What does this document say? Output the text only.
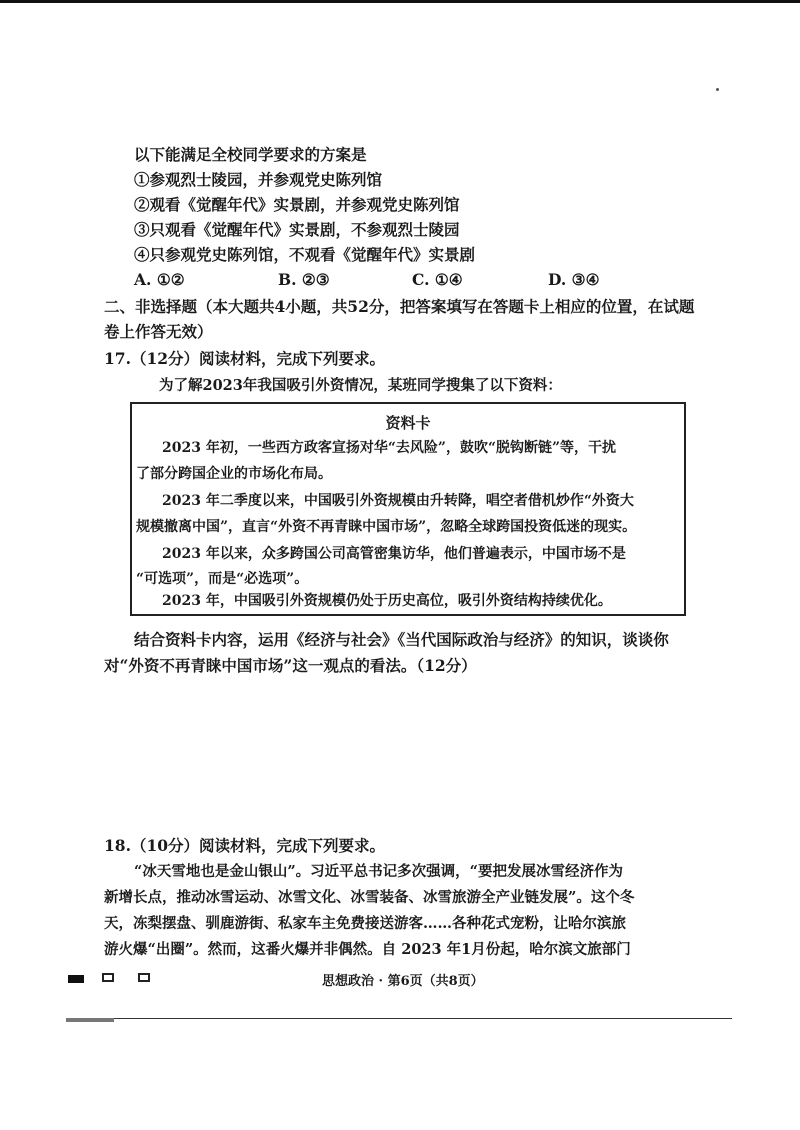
以下能满足全校同学要求的方案是
①参观烈士陵园，并参观党史陈列馆
②观看《觉醒年代》实景剧，并参观党史陈列馆
③只观看《觉醒年代》实景剧，不参观烈士陵园
④只参观党史陈列馆，不观看《觉醒年代》实景剧
A. ①②	B. ②③	C. ①④	D. ③④
二、非选择题（本大题共4小题，共52分，把答案填写在答题卡上相应的位置，在试题
卷上作答无效）
17.（12分）阅读材料，完成下列要求。
为了解2023年我国吸引外资情况，某班同学搜集了以下资料：
资料卡

2023 年初，一些西方政客宣扬对华“去风险”，鼓吹“脱钩断链”等，干扰

了部分跨国企业的市场化布局。

2023 年二季度以来，中国吸引外资规模由升转降，唱空者借机炒作“外资大

规模撤离中国”，直言“外资不再青睐中国市场”，忽略全球跨国投资低迷的现实。

2023 年以来，众多跨国公司高管密集访华，他们普遍表示，中国市场不是

“可选项”，而是“必选项”。

2023 年，中国吸引外资规模仍处于历史高位，吸引外资结构持续优化。

结合资料卡内容，运用《经济与社会》《当代国际政治与经济》的知识，谈谈你
对“外资不再青睐中国市场”这一观点的看法。（12分）
18.（10分）阅读材料，完成下列要求。
“冰天雪地也是金山银山”。习近平总书记多次强调，“要把发展冰雪经济作为
新增长点，推动冰雪运动、冰雪文化、冰雪装备、冰雪旅游全产业链发展”。这个冬
天，冻梨摆盘、驯鹿游街、私家车主免费接送游客……各种花式宠粉，让哈尔滨旅
游火爆“出圈”。然而，这番火爆并非偶然。自 2023 年1月份起，哈尔滨文旅部门
思想政治 · 第6页（共8页）
